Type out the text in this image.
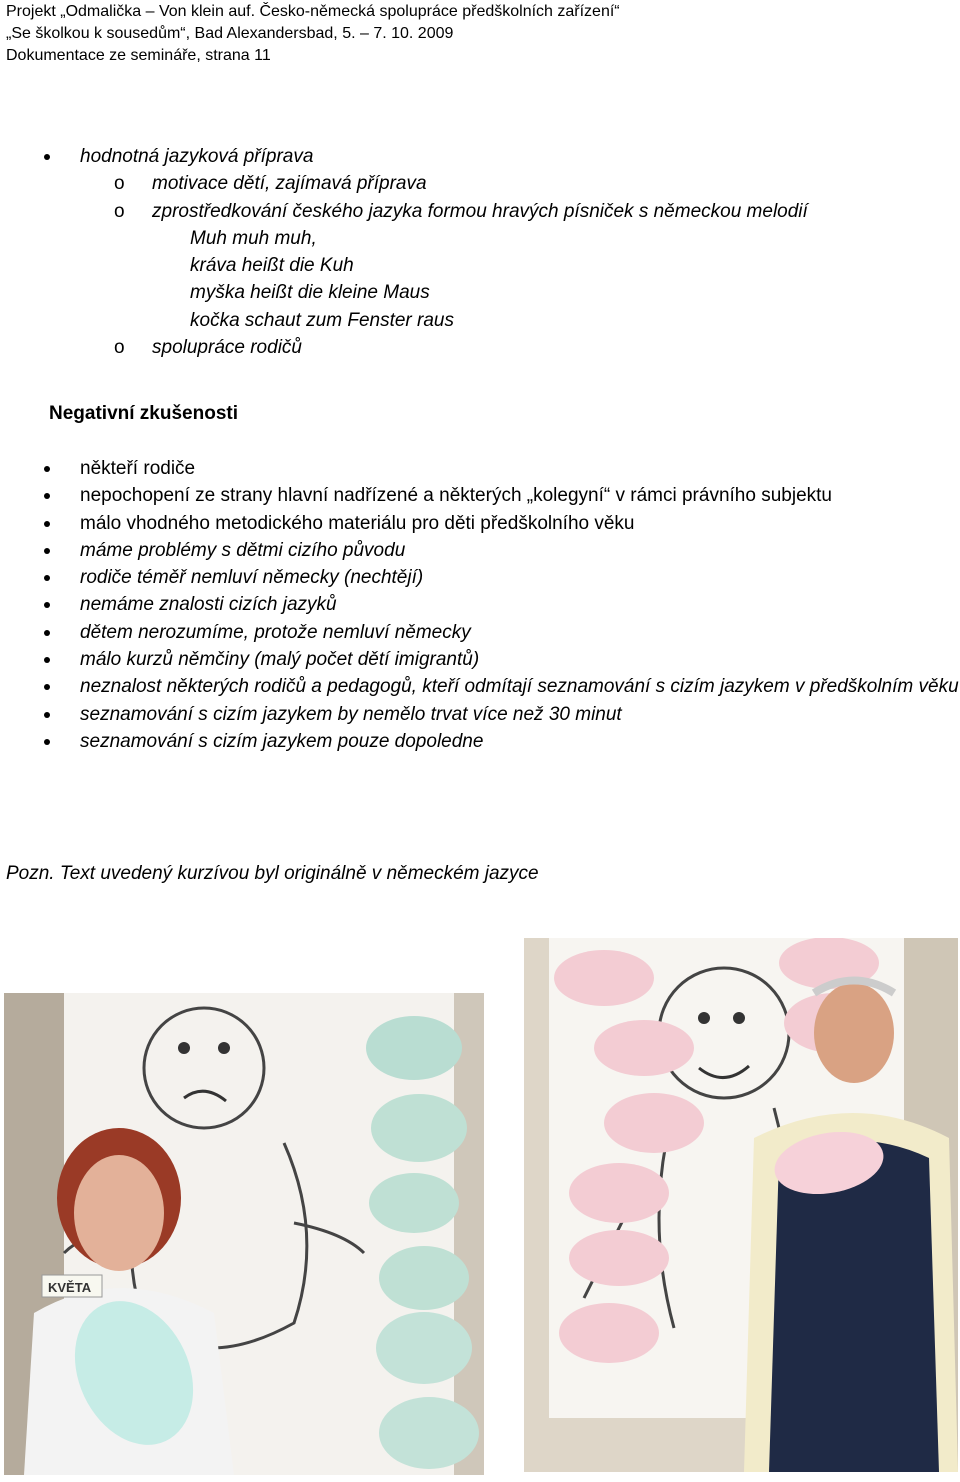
Projekt „Odmalička – Von klein auf. Česko-německá spolupráce předškolních zařízení“
„Se školkou k sousedům“, Bad Alexandersbad, 5. – 7. 10. 2009
Dokumentace ze semináře, strana 11
hodnotná jazyková příprava
o motivace dětí, zajímavá příprava
o zprostředkování českého jazyka formou hravých písniček s německou melodií
Muh muh muh,
kráva heißt die Kuh
myška heißt die kleine Maus
kočka schaut zum Fenster raus
o spolupráce rodičů
Negativní zkušenosti
někteří rodiče
nepochopení ze strany hlavní nadřízené a některých „kolegyní“ v rámci právního subjektu
málo vhodného metodického materiálu pro děti předškolního věku
máme problémy s dětmi cizího původu
rodiče téměř nemluví německy (nechtějí)
nemáme znalosti cizích jazyků
dětem nerozumíme, protože nemluví německy
málo kurzů němčiny (malý počet dětí imigrantů)
neznalost některých rodičů a pedagogů, kteří odmítají seznamování s cizím jazykem v předškolním věku
seznamování s cizím jazykem by nemělo trvat více než 30 minut
seznamování s cizím jazykem pouze dopoledne
Pozn. Text uvedený kurzívou byl originálně v německém jazyce
KVĚTA
